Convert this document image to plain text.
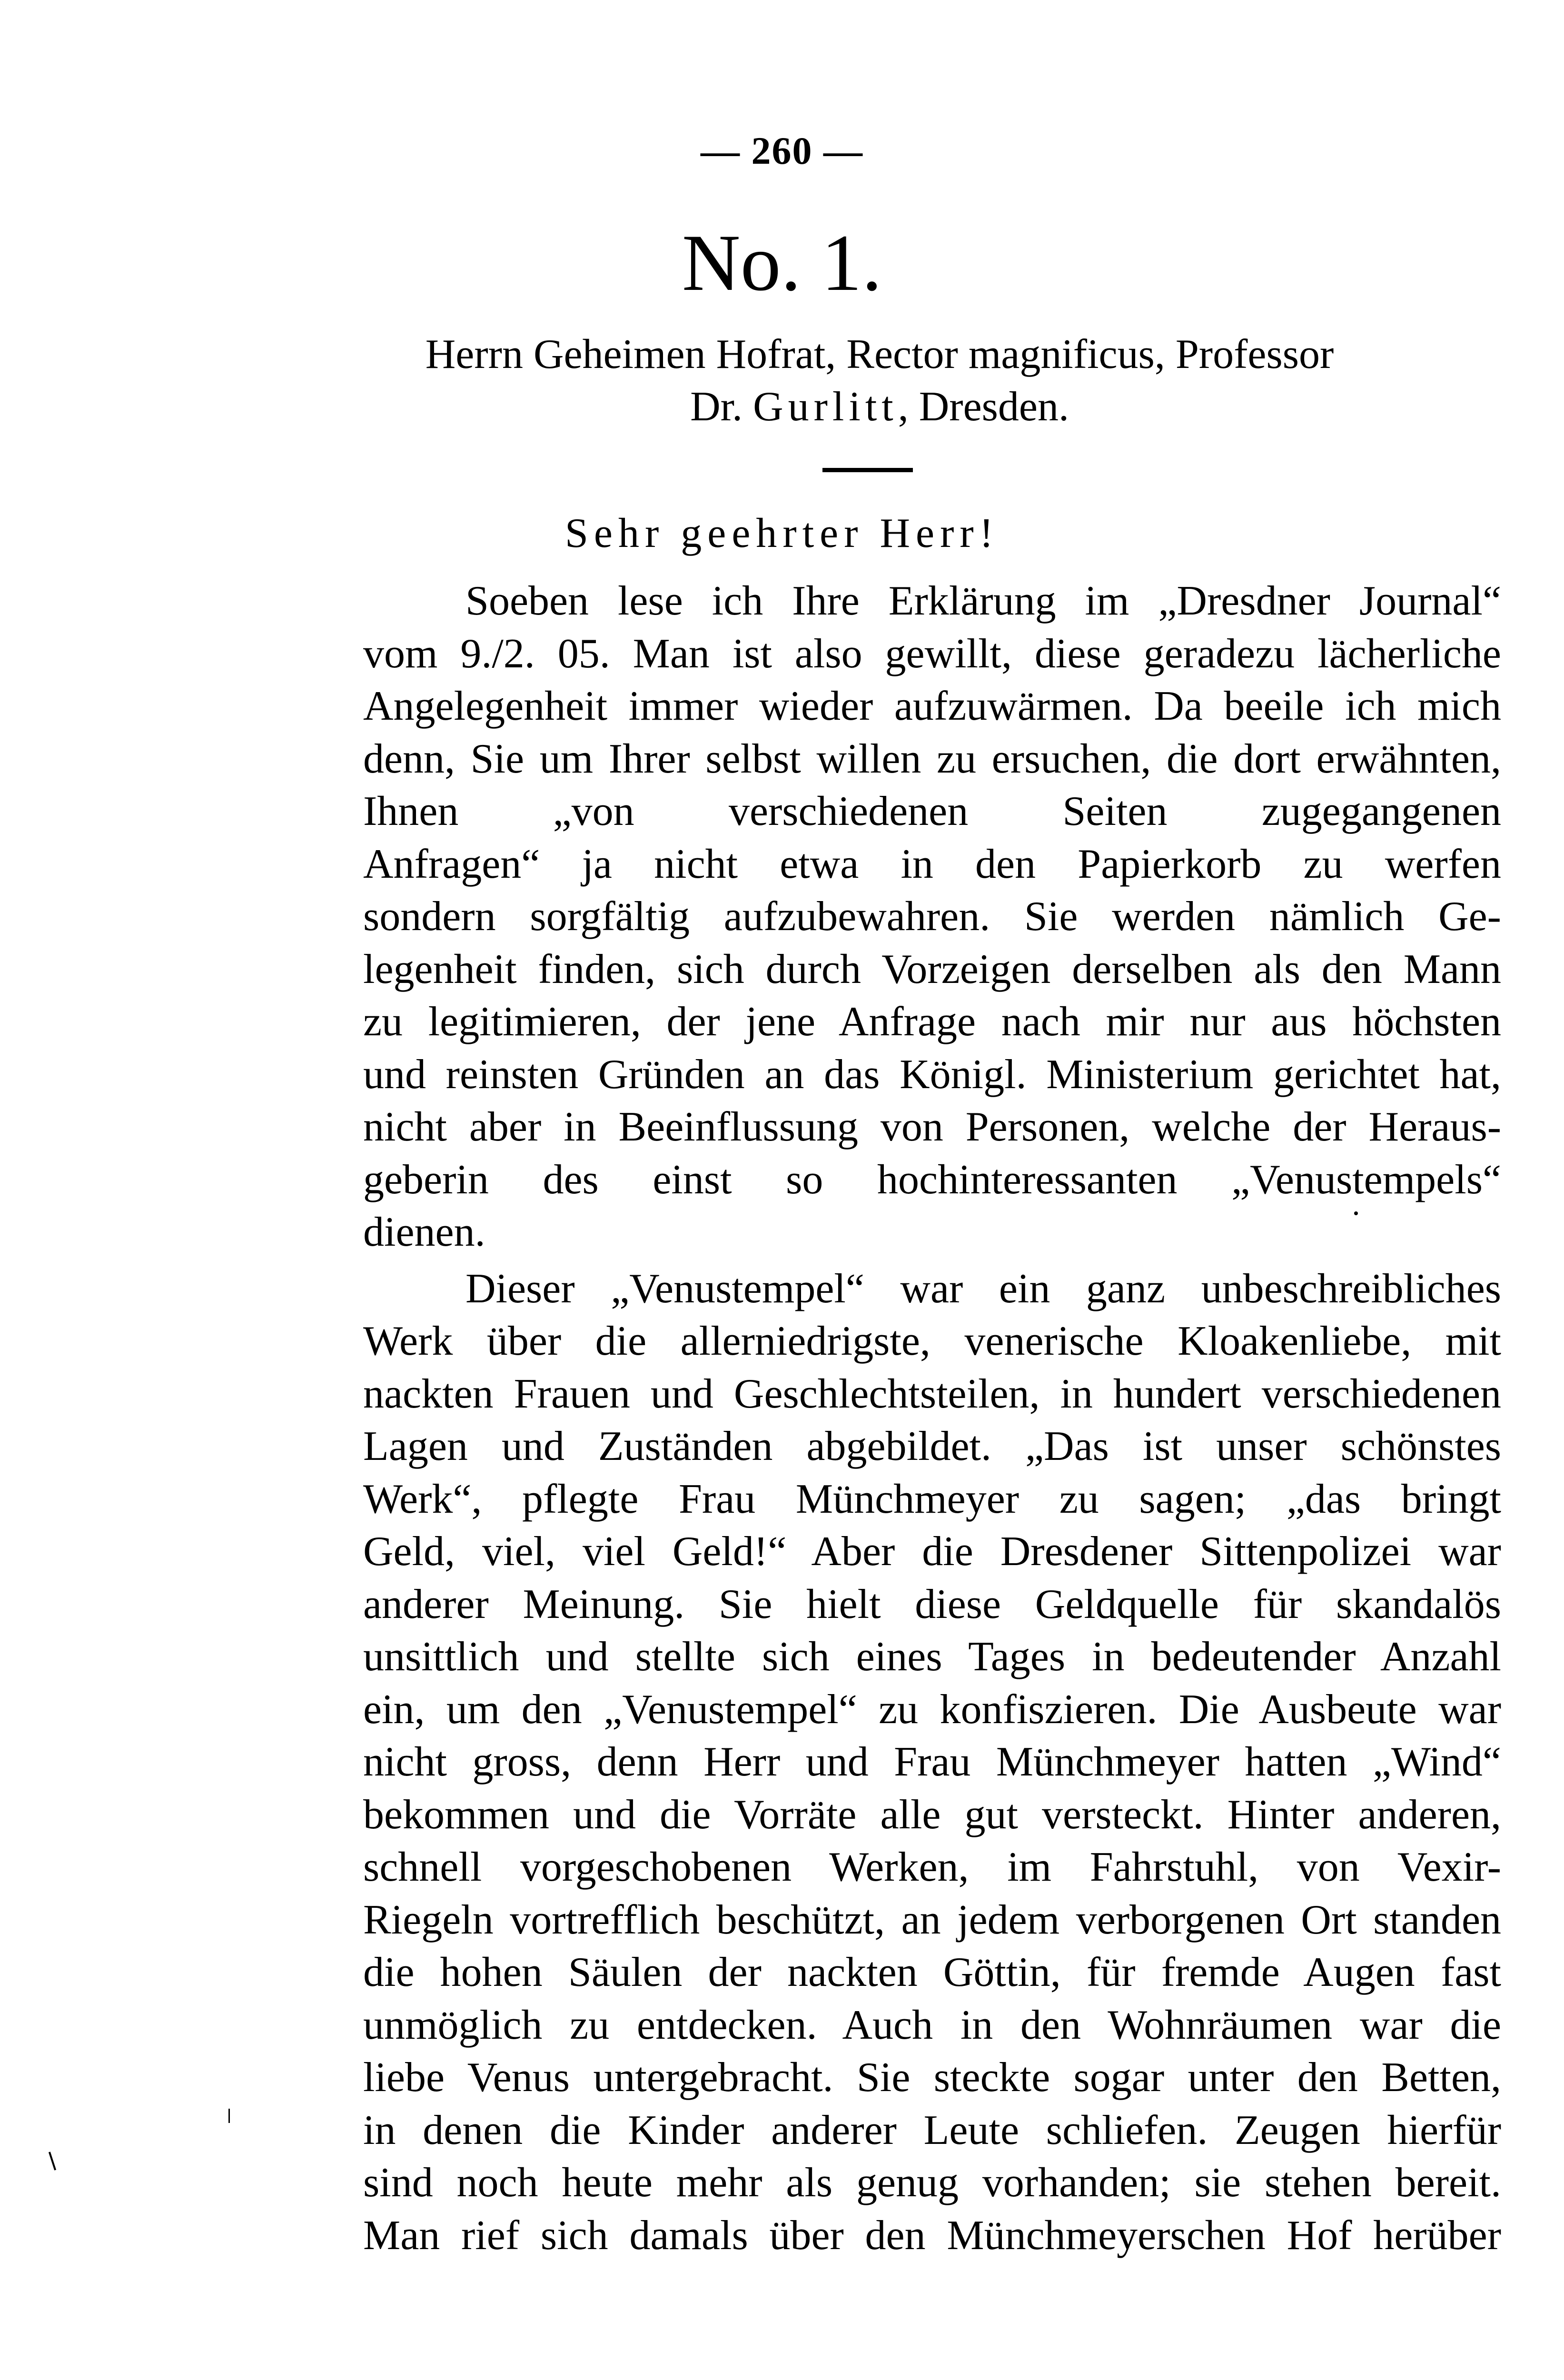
— 260 —
No. 1.
Herrn Geheimen Hofrat, Rector magnificus, Professor
Dr. Gurlitt, Dresden.
Sehr geehrter Herr!
Soeben lese ich Ihre Erklärung im „Dresdner Journal“
vom 9./2. 05. Man ist also gewillt, diese geradezu lächerliche
Angelegenheit immer wieder aufzuwärmen. Da beeile ich mich
denn, Sie um Ihrer selbst willen zu ersuchen, die dort erwähnten,
Ihnen „von verschiedenen Seiten zugegangenen
Anfragen“ ja nicht etwa in den Papierkorb zu werfen
sondern sorgfältig aufzubewahren. Sie werden nämlich Ge-
legenheit finden, sich durch Vorzeigen derselben als den Mann
zu legitimieren, der jene Anfrage nach mir nur aus höchsten
und reinsten Gründen an das Königl. Ministerium gerichtet hat,
nicht aber in Beeinflussung von Personen, welche der Heraus-
geberin des einst so hochinteressanten „Venustempels“
dienen.
Dieser „Venustempel“ war ein ganz unbeschreibliches
Werk über die allerniedrigste, venerische Kloakenliebe, mit
nackten Frauen und Geschlechtsteilen, in hundert verschiedenen
Lagen und Zuständen abgebildet. „Das ist unser schönstes
Werk“, pflegte Frau Münchmeyer zu sagen; „das bringt
Geld, viel, viel Geld!“ Aber die Dresdener Sittenpolizei war
anderer Meinung. Sie hielt diese Geldquelle für skandalös
unsittlich und stellte sich eines Tages in bedeutender Anzahl
ein, um den „Venustempel“ zu konfiszieren. Die Ausbeute war
nicht gross, denn Herr und Frau Münchmeyer hatten „Wind“
bekommen und die Vorräte alle gut versteckt. Hinter anderen,
schnell vorgeschobenen Werken, im Fahrstuhl, von Vexir-
Riegeln vortrefflich beschützt, an jedem verborgenen Ort standen
die hohen Säulen der nackten Göttin, für fremde Augen fast
unmöglich zu entdecken. Auch in den Wohnräumen war die
liebe Venus untergebracht. Sie steckte sogar unter den Betten,
in denen die Kinder anderer Leute schliefen. Zeugen hierfür
sind noch heute mehr als genug vorhanden; sie stehen bereit.
Man rief sich damals über den Münchmeyerschen Hof herüber
